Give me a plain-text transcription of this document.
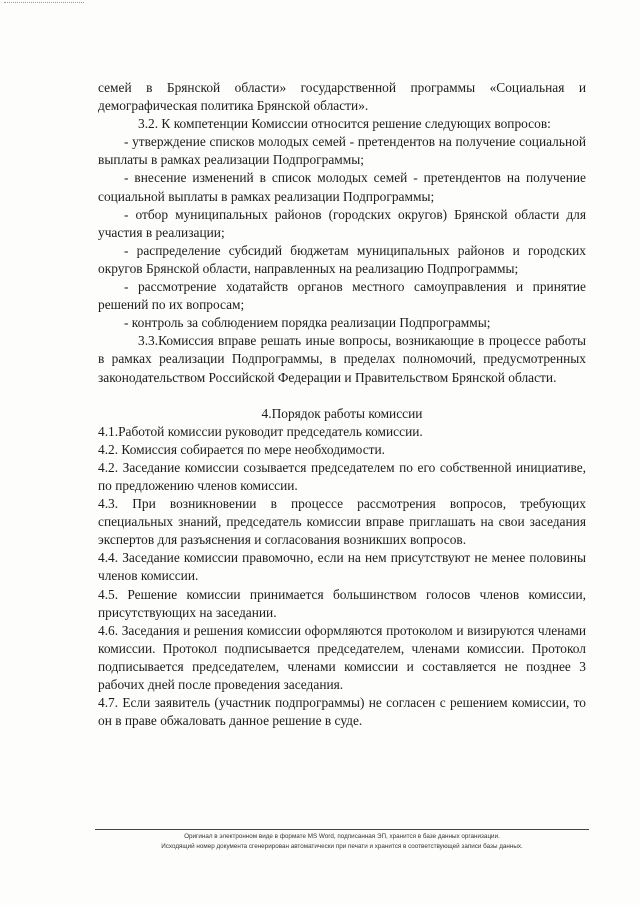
семей в Брянской области» государственной программы «Социальная и

демографическая политика Брянской области».

3.2. К компетенции Комиссии относится решение следующих вопросов:

- утверждение списков молодых семей - претендентов на получение социальной выплаты в рамках реализации Подпрограммы;

- внесение изменений в список молодых семей - претендентов на получение социальной выплаты в рамках реализации Подпрограммы;

- отбор муниципальных районов (городских округов) Брянской области для участия в реализации;

- распределение субсидий бюджетам муниципальных районов и городских округов Брянской области, направленных на реализацию Подпрограммы;

- рассмотрение ходатайств органов местного самоуправления и принятие решений по их вопросам;

- контроль за соблюдением порядка реализации Подпрограммы;

3.3.Комиссия вправе решать иные вопросы, возникающие в процессе работы в рамках реализации Подпрограммы, в пределах полномочий, предусмотренных законодательством Российской Федерации и Правительством Брянской области.

4.Порядок работы комиссии

4.1.Работой комиссии руководит председатель комиссии.

4.2. Комиссия собирается по мере необходимости.

4.2. Заседание комиссии созывается председателем по его собственной инициативе, по предложению членов комиссии.

4.3. При возникновении в процессе рассмотрения вопросов, требующих специальных знаний, председатель комиссии вправе приглашать на свои заседания экспертов для разъяснения и согласования возникших вопросов.

4.4. Заседание комиссии правомочно, если на нем присутствуют не менее половины членов комиссии.

4.5. Решение комиссии принимается большинством голосов членов комиссии, присутствующих на заседании.

4.6. Заседания и решения комиссии оформляются протоколом и визируются членами комиссии. Протокол подписывается председателем, членами комиссии. Протокол подписывается председателем, членами комиссии и составляется не позднее 3 рабочих дней после проведения заседания.

4.7. Если заявитель (участник подпрограммы) не согласен с решением комиссии, то он в праве обжаловать данное решение в суде.

Оригинал в электронном виде в формате MS Word, подписанная ЭП, хранится в базе данных организации.
Исходящий номер документа сгенерирован автоматически при печати и хранится в соответствующей записи базы данных.
